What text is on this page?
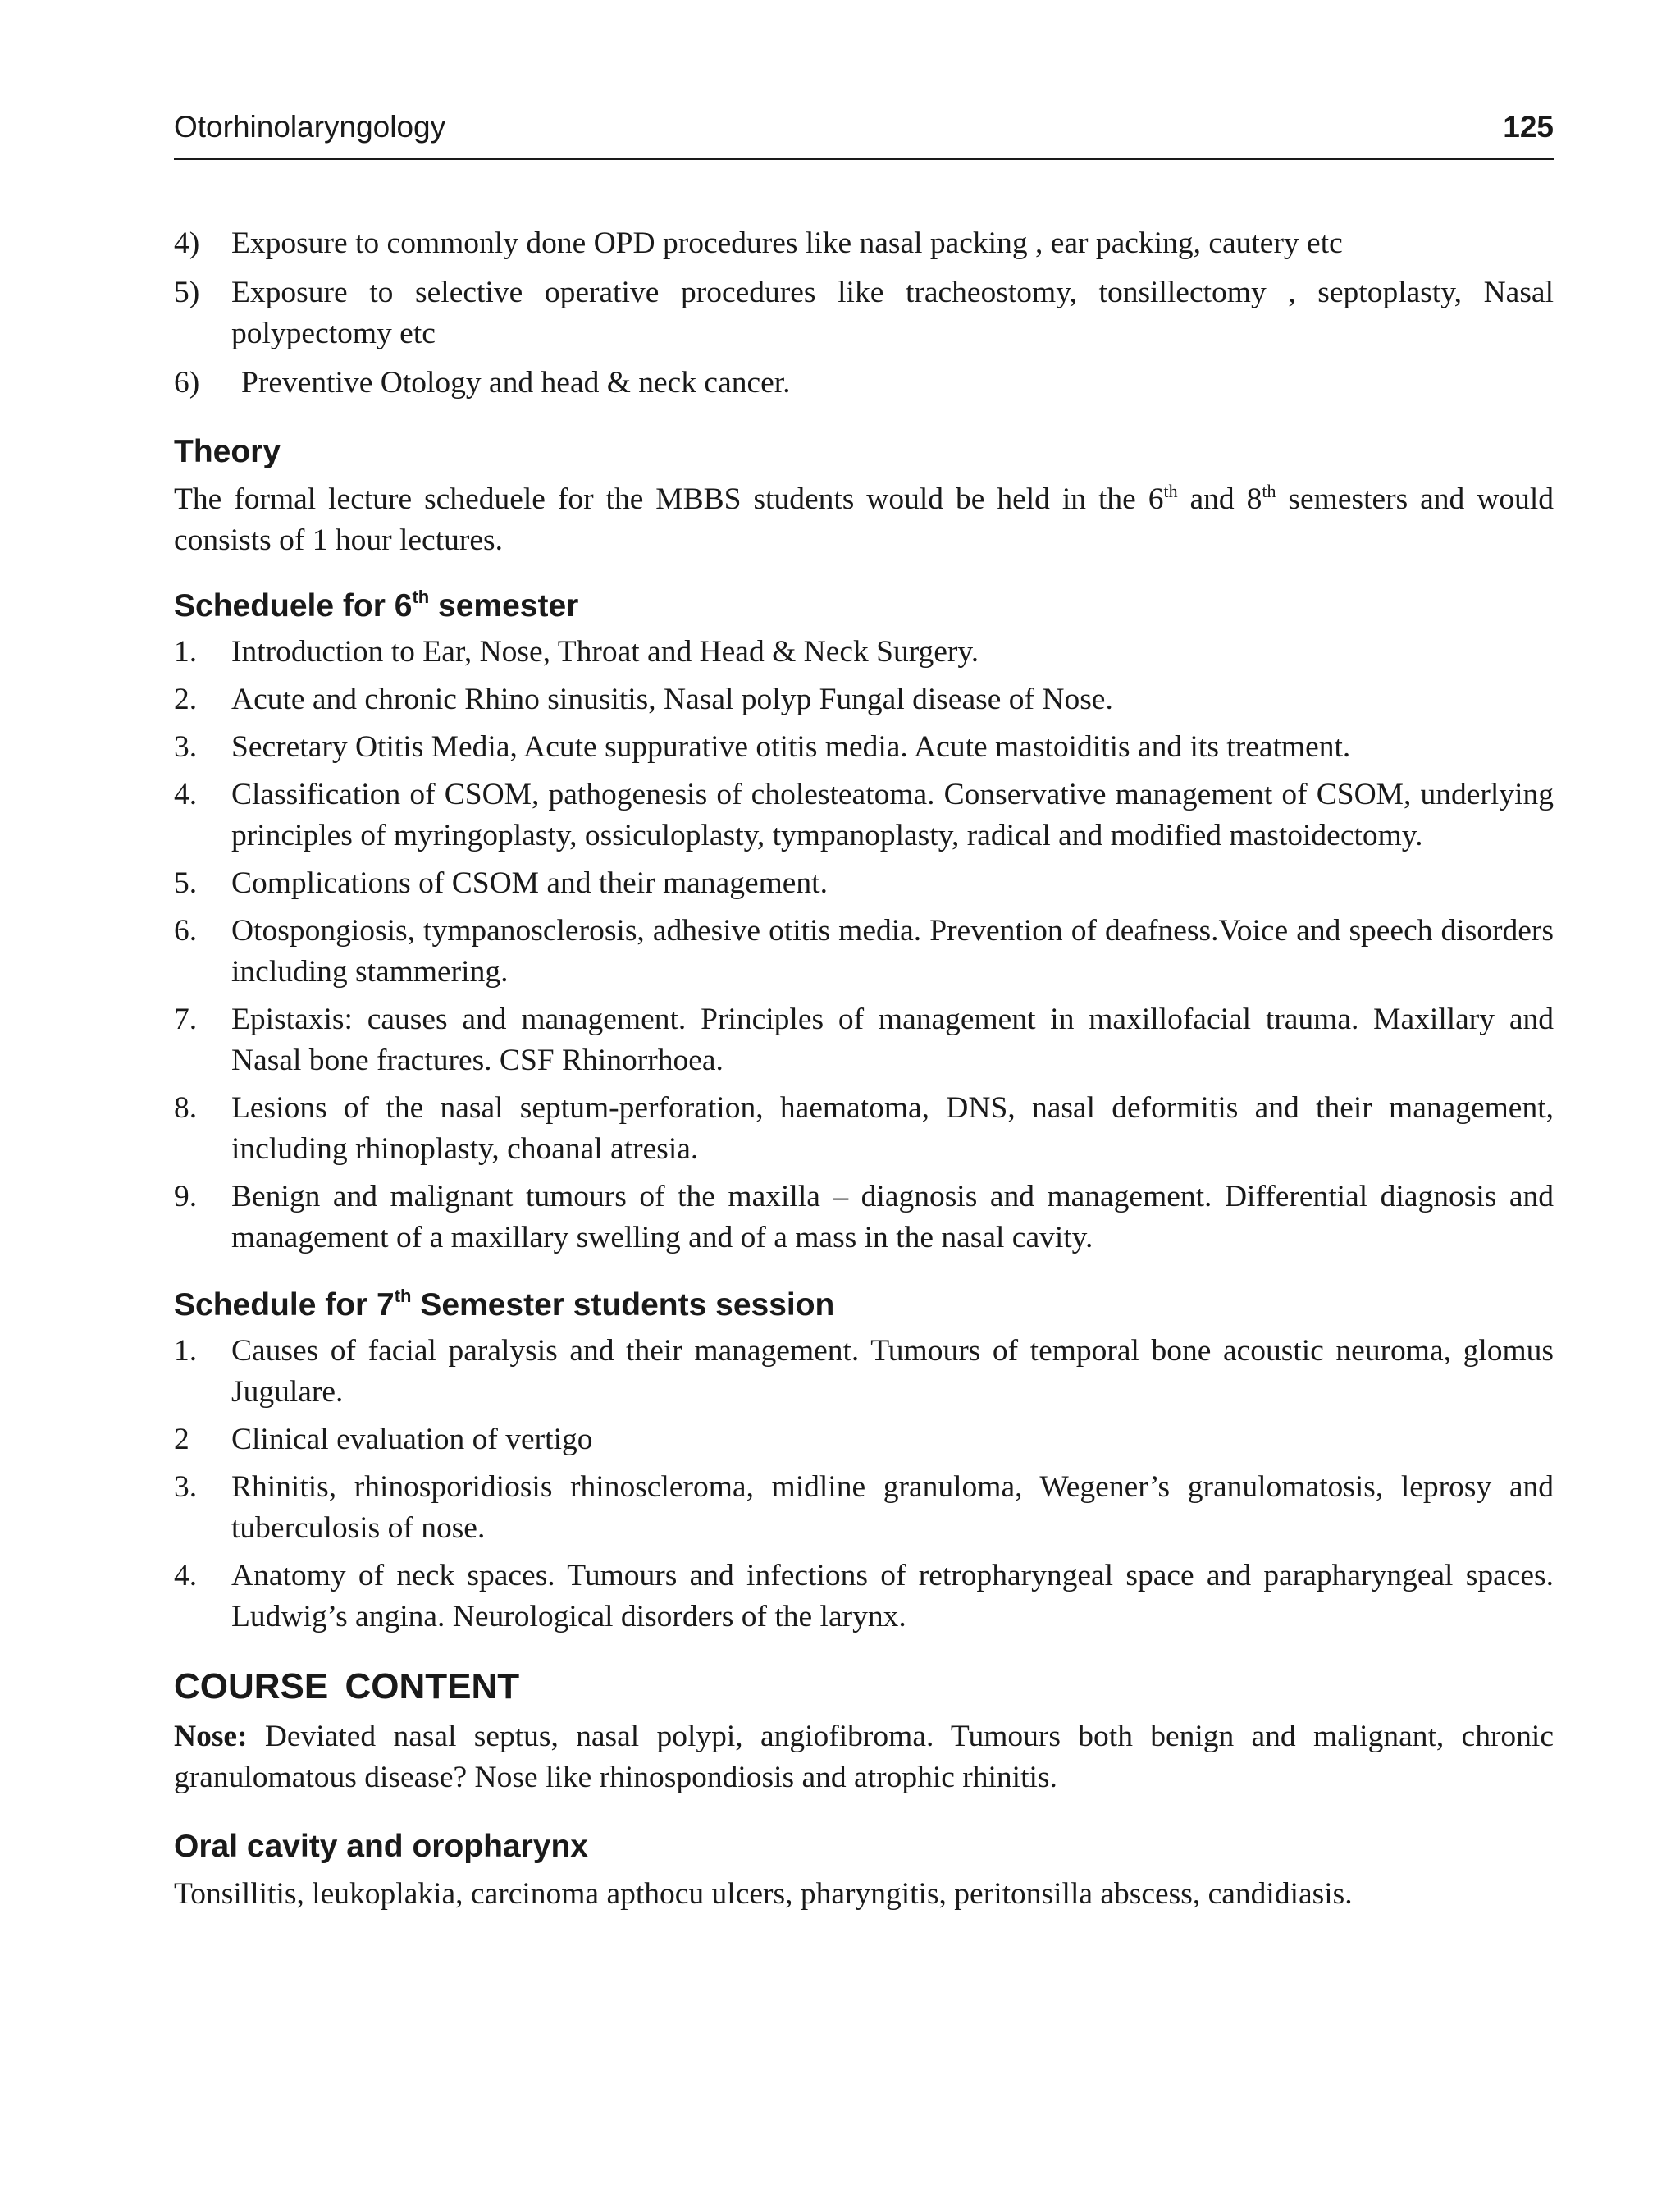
Otorhinolaryngology	125
4) Exposure to commonly done OPD procedures like nasal packing , ear packing, cautery etc
5) Exposure to selective operative procedures like tracheostomy, tonsillectomy , septoplasty, Nasal polypectomy etc
6) Preventive Otology and head & neck cancer.
Theory

The formal lecture scheduele for the MBBS students would be held in the 6th and 8th semesters and would consists of 1 hour lectures.

Scheduele for 6th semester
1. Introduction to Ear, Nose, Throat and Head & Neck Surgery.
2. Acute and chronic Rhino sinusitis, Nasal polyp Fungal disease of Nose.
3. Secretary Otitis Media, Acute suppurative otitis media. Acute mastoiditis and its treatment.
4. Classification of CSOM, pathogenesis of cholesteatoma. Conservative management of CSOM, underlying principles of myringoplasty, ossiculoplasty, tympanoplasty, radical and modified mastoidectomy.
5. Complications of CSOM and their management.
6. Otospongiosis, tympanosclerosis, adhesive otitis media. Prevention of deafness.Voice and speech disorders including stammering.
7. Epistaxis: causes and management. Principles of management in maxillofacial trauma. Maxillary and Nasal bone fractures. CSF Rhinorrhoea.
8. Lesions of the nasal septum-perforation, haematoma, DNS, nasal deformitis and their management, including rhinoplasty, choanal atresia.
9. Benign and malignant tumours of the maxilla – diagnosis and management. Differential diagnosis and management of a maxillary swelling and of a mass in the nasal cavity.
Schedule for 7th Semester students session
1. Causes of facial paralysis and their management. Tumours of temporal bone acoustic neuroma, glomus Jugulare.
2 Clinical evaluation of vertigo
3. Rhinitis, rhinosporidiosis rhinoscleroma, midline granuloma, Wegener’s granulomatosis, leprosy and tuberculosis of nose.
4. Anatomy of neck spaces. Tumours and infections of retropharyngeal space and parapharyngeal spaces. Ludwig’s angina. Neurological disorders of the larynx.
COURSE CONTENT

Nose: Deviated nasal septus, nasal polypi, angiofibroma. Tumours both benign and malignant, chronic granulomatous disease? Nose like rhinospondiosis and atrophic rhinitis.

Oral cavity and oropharynx

Tonsillitis, leukoplakia, carcinoma apthocu ulcers, pharyngitis, peritonsilla abscess, candidiasis.
